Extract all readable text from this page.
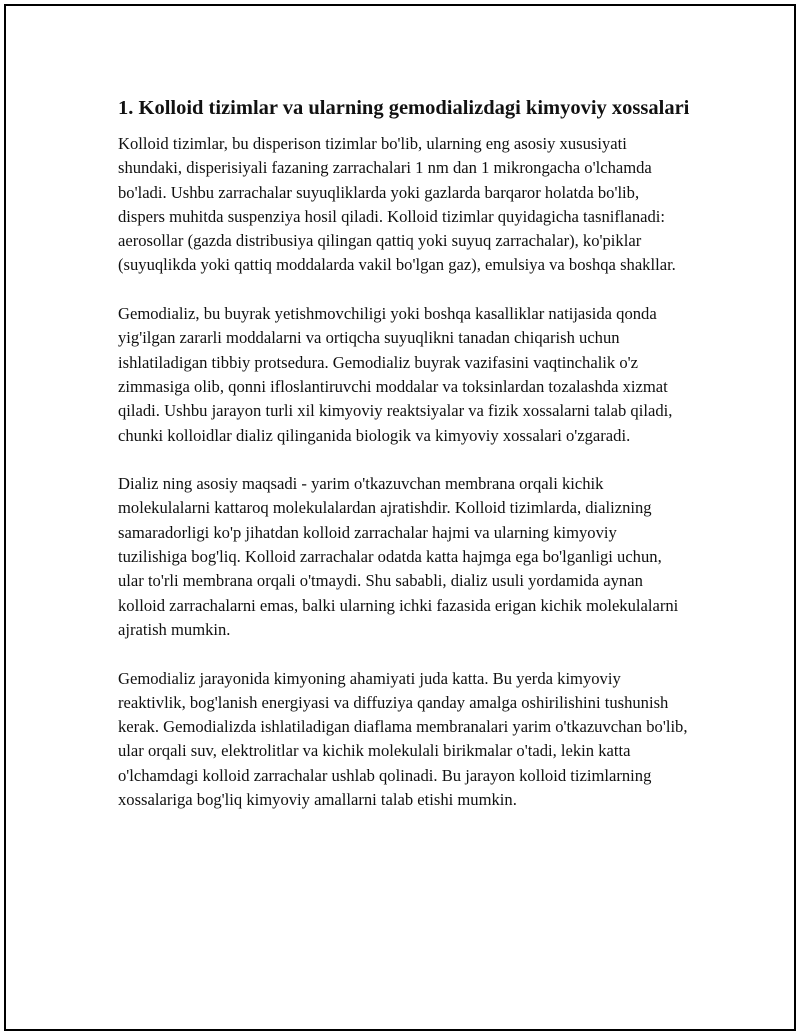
1. Kolloid tizimlar va ularning gemodializdagi kimyoviy xossalari

Kolloid tizimlar, bu disperison tizimlar bo'lib, ularning eng asosiy xususiyati shundaki, disperisiyali fazaning zarrachalari 1 nm dan 1 mikrongacha o'lchamda bo'ladi. Ushbu zarrachalar suyuqliklarda yoki gazlarda barqaror holatda bo'lib, dispers muhitda suspenziya hosil qiladi. Kolloid tizimlar quyidagicha tasniflanadi: aerosollar (gazda distribusiya qilingan qattiq yoki suyuq zarrachalar), ko'piklar (suyuqlikda yoki qattiq moddalarda vakil bo'lgan gaz), emulsiya va boshqa shakllar.

Gemodializ, bu buyrak yetishmovchiligi yoki boshqa kasalliklar natijasida qonda yig'ilgan zararli moddalarni va ortiqcha suyuqlikni tanadan chiqarish uchun ishlatiladigan tibbiy protsedura. Gemodializ buyrak vazifasini vaqtinchalik o'z zimmasiga olib, qonni ifloslantiruvchi moddalar va toksinlardan tozalashda xizmat qiladi. Ushbu jarayon turli xil kimyoviy reaktsiyalar va fizik xossalarni talab qiladi, chunki kolloidlar dializ qilinganida biologik va kimyoviy xossalari o'zgaradi.

Dializ ning asosiy maqsadi - yarim o'tkazuvchan membrana orqali kichik molekulalarni kattaroq molekulalardan ajratishdir. Kolloid tizimlarda, dializning samaradorligi ko'p jihatdan kolloid zarrachalar hajmi va ularning kimyoviy tuzilishiga bog'liq. Kolloid zarrachalar odatda katta hajmga ega bo'lganligi uchun, ular to'rli membrana orqali o'tmaydi. Shu sababli, dializ usuli yordamida aynan kolloid zarrachalarni emas, balki ularning ichki fazasida erigan kichik molekulalarni ajratish mumkin.

Gemodializ jarayonida kimyoning ahamiyati juda katta. Bu yerda kimyoviy reaktivlik, bog'lanish energiyasi va diffuziya qanday amalga oshirilishini tushunish kerak. Gemodializda ishlatiladigan diaflama membranalari yarim o'tkazuvchan bo'lib, ular orqali suv, elektrolitlar va kichik molekulali birikmalar o'tadi, lekin katta o'lchamdagi kolloid zarrachalar ushlab qolinadi. Bu jarayon kolloid tizimlarning xossalariga bog'liq kimyoviy amallarni talab etishi mumkin.
